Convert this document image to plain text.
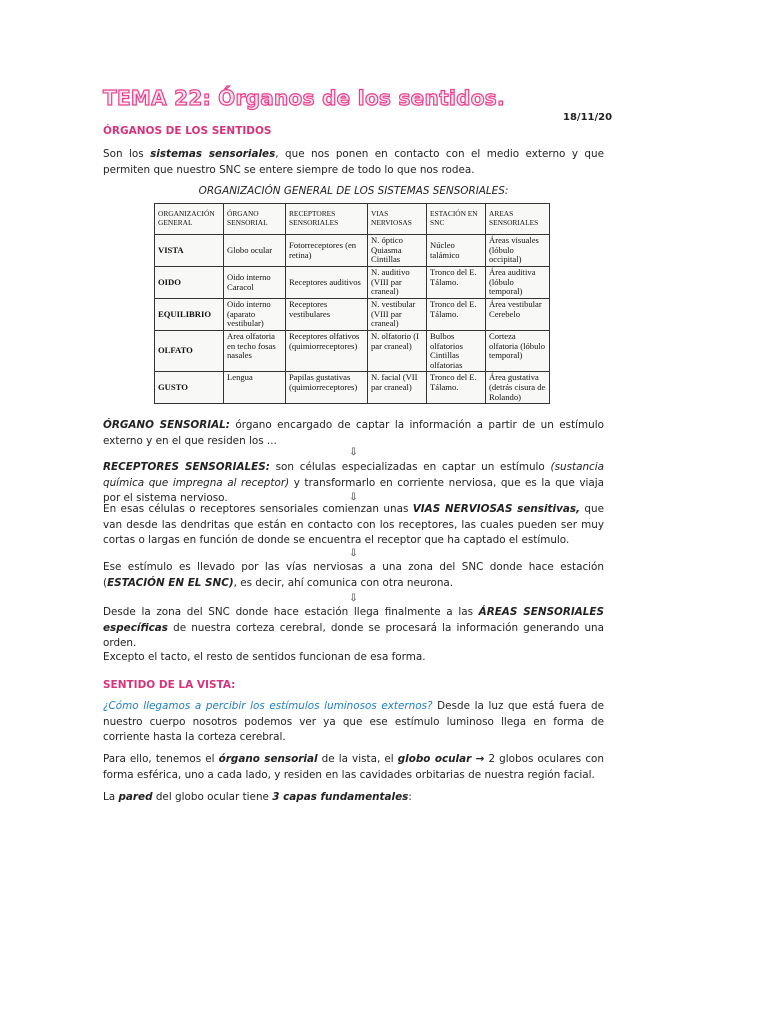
TEMA 22: Órganos de los sentidos.
18/11/20
ÓRGANOS DE LOS SENTIDOS

Son los sistemas sensoriales, que nos ponen en contacto con el medio externo y que permiten que nuestro SNC se entere siempre de todo lo que nos rodea.

ORGANIZACIÓN GENERAL DE LOS SISTEMAS SENSORIALES:
ORGANIZACIÓN GENERAL	ÓRGANO SENSORIAL	RECEPTORES SENSORIALES	VIAS NERVIOSAS	ESTACIÓN EN SNC	AREAS SENSORIALES
VISTA	Globo ocular	Fotorreceptores (en retina)	N. óptico Quiasma Cintillas	Núcleo talámico	Áreas visuales (lóbulo occipital)
OIDO	Oido interno Caracol	Receptores auditivos	N. auditivo (VIII par craneal)	Tronco del E. Tálamo.	Área auditiva (lóbulo temporal)
EQUILIBRIO	Oido interno (aparato vestibular)	Receptores vestibulares	N. vestibular (VIII par craneal)	Tronco del E. Tálamo.	Área vestibular Cerebelo
OLFATO	Area olfatoria en techo fosas nasales	Receptores olfativos (quimiorreceptores)	N. olfatorio (I par craneal)	Bulbos olfatorios Cintillas olfatorias	Corteza olfatoria (lóbulo temporal)
GUSTO	Lengua	Papilas gustativas (quimiorreceptores)	N. facial (VII par craneal)	Tronco del E. Tálamo.	Área gustativa (detrás cisura de Rolando)

ÓRGANO SENSORIAL: órgano encargado de captar la información a partir de un estímulo externo y en el que residen los ...

⇩

RECEPTORES SENSORIALES: son células especializadas en captar un estímulo (sustancia química que impregna al receptor) y transformarlo en corriente nerviosa, que es la que viaja por el sistema nervioso.	⇩

En esas células o receptores sensoriales comienzan unas VIAS NERVIOSAS sensitivas, que van desde las dendritas que están en contacto con los receptores, las cuales pueden ser muy cortas o largas en función de donde se encuentra el receptor que ha captado el estímulo.

⇩

Ese estímulo es llevado por las vías nerviosas a una zona del SNC donde hace estación (ESTACIÓN EN EL SNC), es decir, ahí comunica con otra neurona.

⇩

Desde la zona del SNC donde hace estación llega finalmente a las ÁREAS SENSORIALES específicas de nuestra corteza cerebral, donde se procesará la información generando una orden.

Excepto el tacto, el resto de sentidos funcionan de esa forma.

SENTIDO DE LA VISTA:

¿Cómo llegamos a percibir los estímulos luminosos externos? Desde la luz que está fuera de nuestro cuerpo nosotros podemos ver ya que ese estímulo luminoso llega en forma de corriente hasta la corteza cerebral.

Para ello, tenemos el órgano sensorial de la vista, el globo ocular → 2 globos oculares con forma esférica, uno a cada lado, y residen en las cavidades orbitarias de nuestra región facial.

La pared del globo ocular tiene 3 capas fundamentales:
